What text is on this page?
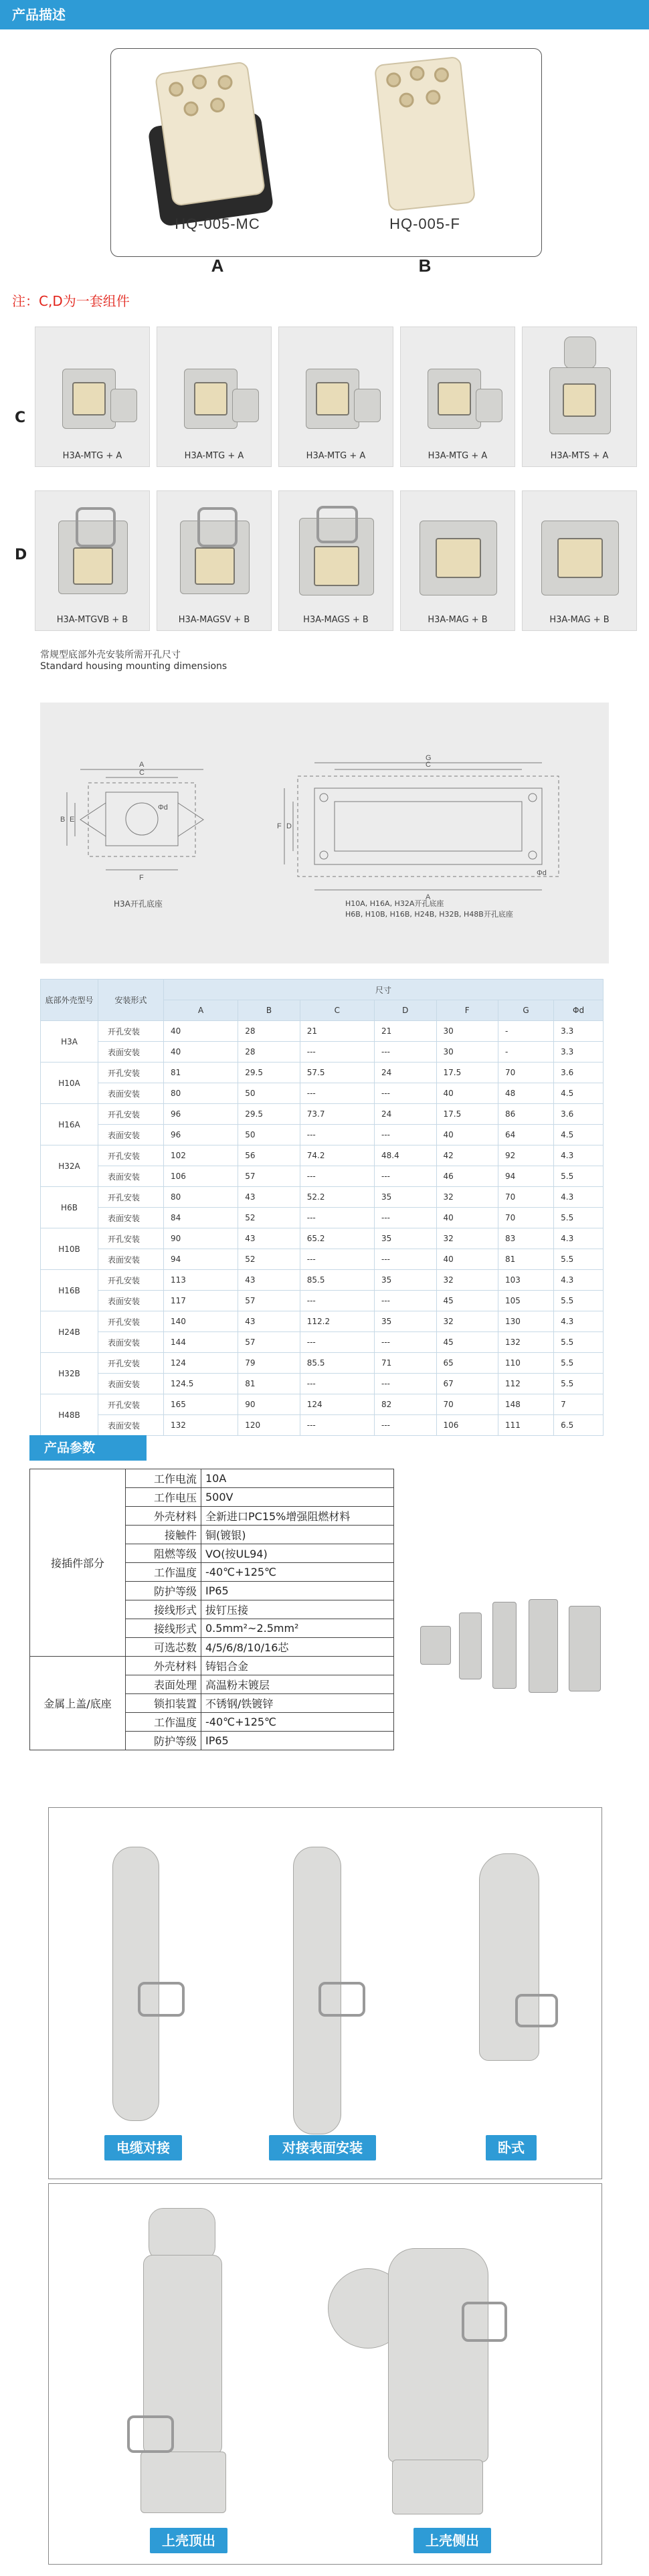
产品描述
HQ-005-MC
A
HQ-005-F
B
注：C,D为一套组件
C
D
H3A-MTG + A	H3A-MTG + A	H3A-MTG + A	H3A-MTG + A	H3A-MTS + A
H3A-MTGVB + B	H3A-MAGSV + B	H3A-MAGS + B	H3A-MAG + B	H3A-MAG + B
常规型底部外壳安装所需开孔尺寸
Standard housing mounting dimensions
A
C
B E
F
Φd
G
C
A
F D
Φd
H3A开孔底座	H10A, H16A, H32A开孔底座
H6B, H10B, H16B, H24B, H32B, H48B开孔底座
底部外壳型号	安装形式	尺寸						
		A	B	C	D	F	G	Φd
H3A	开孔安装	40	28	21	21	30	-	3.3
	表面安装	40	28	---	---	30	-	3.3
H10A	开孔安装	81	29.5	57.5	24	17.5	70	3.6
	表面安装	80	50	---	---	40	48	4.5
H16A	开孔安装	96	29.5	73.7	24	17.5	86	3.6
	表面安装	96	50	---	---	40	64	4.5
H32A	开孔安装	102	56	74.2	48.4	42	92	4.3
	表面安装	106	57	---	---	46	94	5.5
H6B	开孔安装	80	43	52.2	35	32	70	4.3
	表面安装	84	52	---	---	40	70	5.5
H10B	开孔安装	90	43	65.2	35	32	83	4.3
	表面安装	94	52	---	---	40	81	5.5
H16B	开孔安装	113	43	85.5	35	32	103	4.3
	表面安装	117	57	---	---	45	105	5.5
H24B	开孔安装	140	43	112.2	35	32	130	4.3
	表面安装	144	57	---	---	45	132	5.5
H32B	开孔安装	124	79	85.5	71	65	110	5.5
	表面安装	124.5	81	---	---	67	112	5.5
H48B	开孔安装	165	90	124	82	70	148	7
	表面安装	132	120	---	---	106	111	6.5
产品参数
接插件部分	工作电流	10A
	工作电压	500V
	外壳材料	全新进口PC15%增强阻燃材料
	接触件	铜(镀银)
	阻燃等级	VO(按UL94)
	工作温度	-40℃+125℃
	防护等级	IP65
	接线形式	拔钉压接
	接线形式	0.5mm²~2.5mm²
	可选芯数	4/5/6/8/10/16芯
金属上盖/底座	外壳材料	铸铝合金
	表面处理	高温粉末镀层
	锁扣装置	不锈钢/铁镀锌
	工作温度	-40℃+125℃
	防护等级	IP65
电缆对接	对接表面安装	卧式
上壳顶出	上壳侧出
